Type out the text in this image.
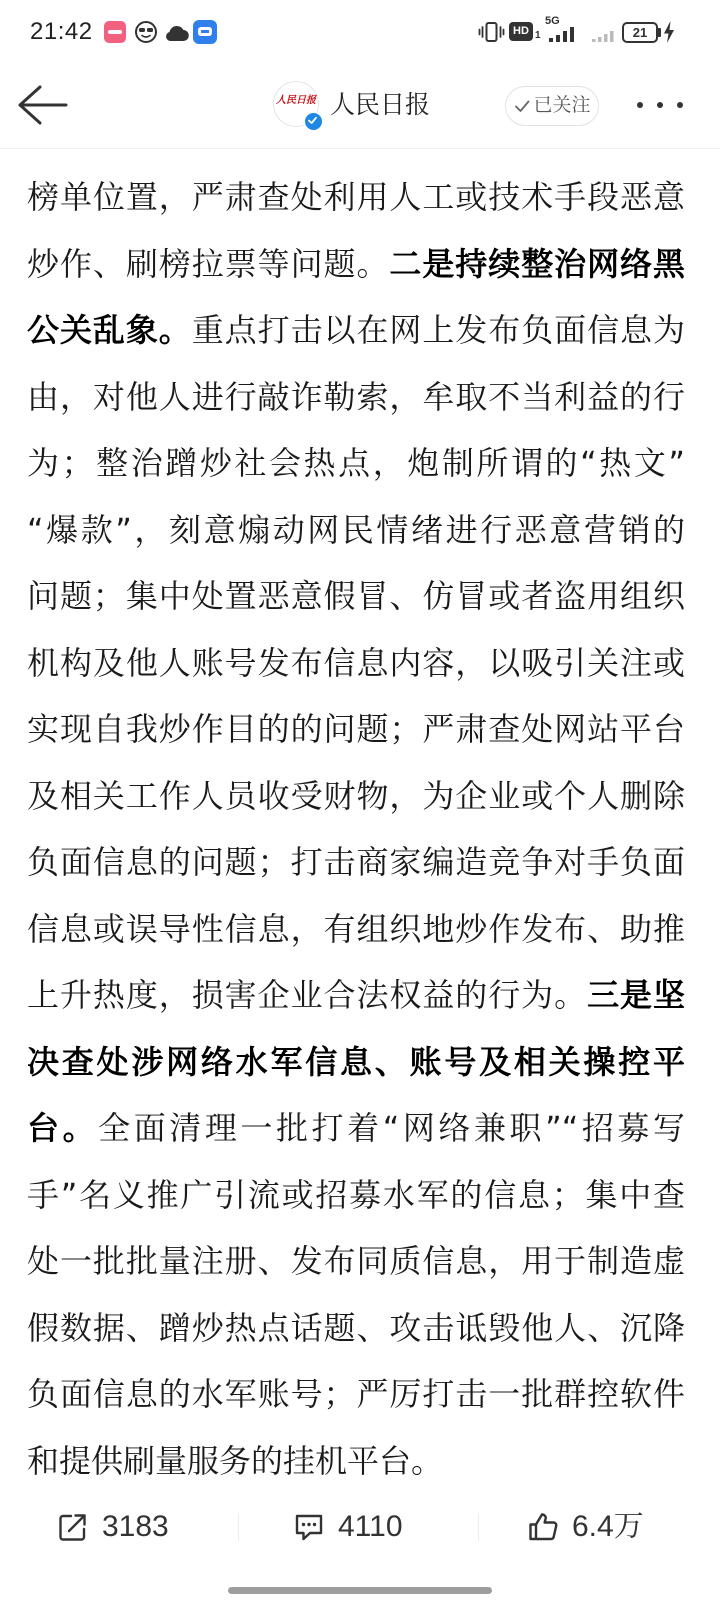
21:42	HD 1
5G
21
人民日报 人民日报	已关注
榜单位置，严肃查处利用人工或技术手段恶意
炒作、刷榜拉票等问题。二是持续整治网络黑
公关乱象。重点打击以在网上发布负面信息为
由，对他人进行敲诈勒索，牟取不当利益的行
为；整治蹭炒社会热点，炮制所谓的“热文”
“爆款”，刻意煽动网民情绪进行恶意营销的
问题；集中处置恶意假冒、仿冒或者盗用组织
机构及他人账号发布信息内容，以吸引关注或
实现自我炒作目的的问题；严肃查处网站平台
及相关工作人员收受财物，为企业或个人删除
负面信息的问题；打击商家编造竞争对手负面
信息或误导性信息，有组织地炒作发布、助推
上升热度，损害企业合法权益的行为。三是坚
决查处涉网络水军信息、账号及相关操控平
台。全面清理一批打着“网络兼职”“招募写
手”名义推广引流或招募水军的信息；集中查
处一批批量注册、发布同质信息，用于制造虚
假数据、蹭炒热点话题、攻击诋毁他人、沉降
负面信息的水军账号；严厉打击一批群控软件
和提供刷量服务的挂机平台。
3183	4110	6.4万
